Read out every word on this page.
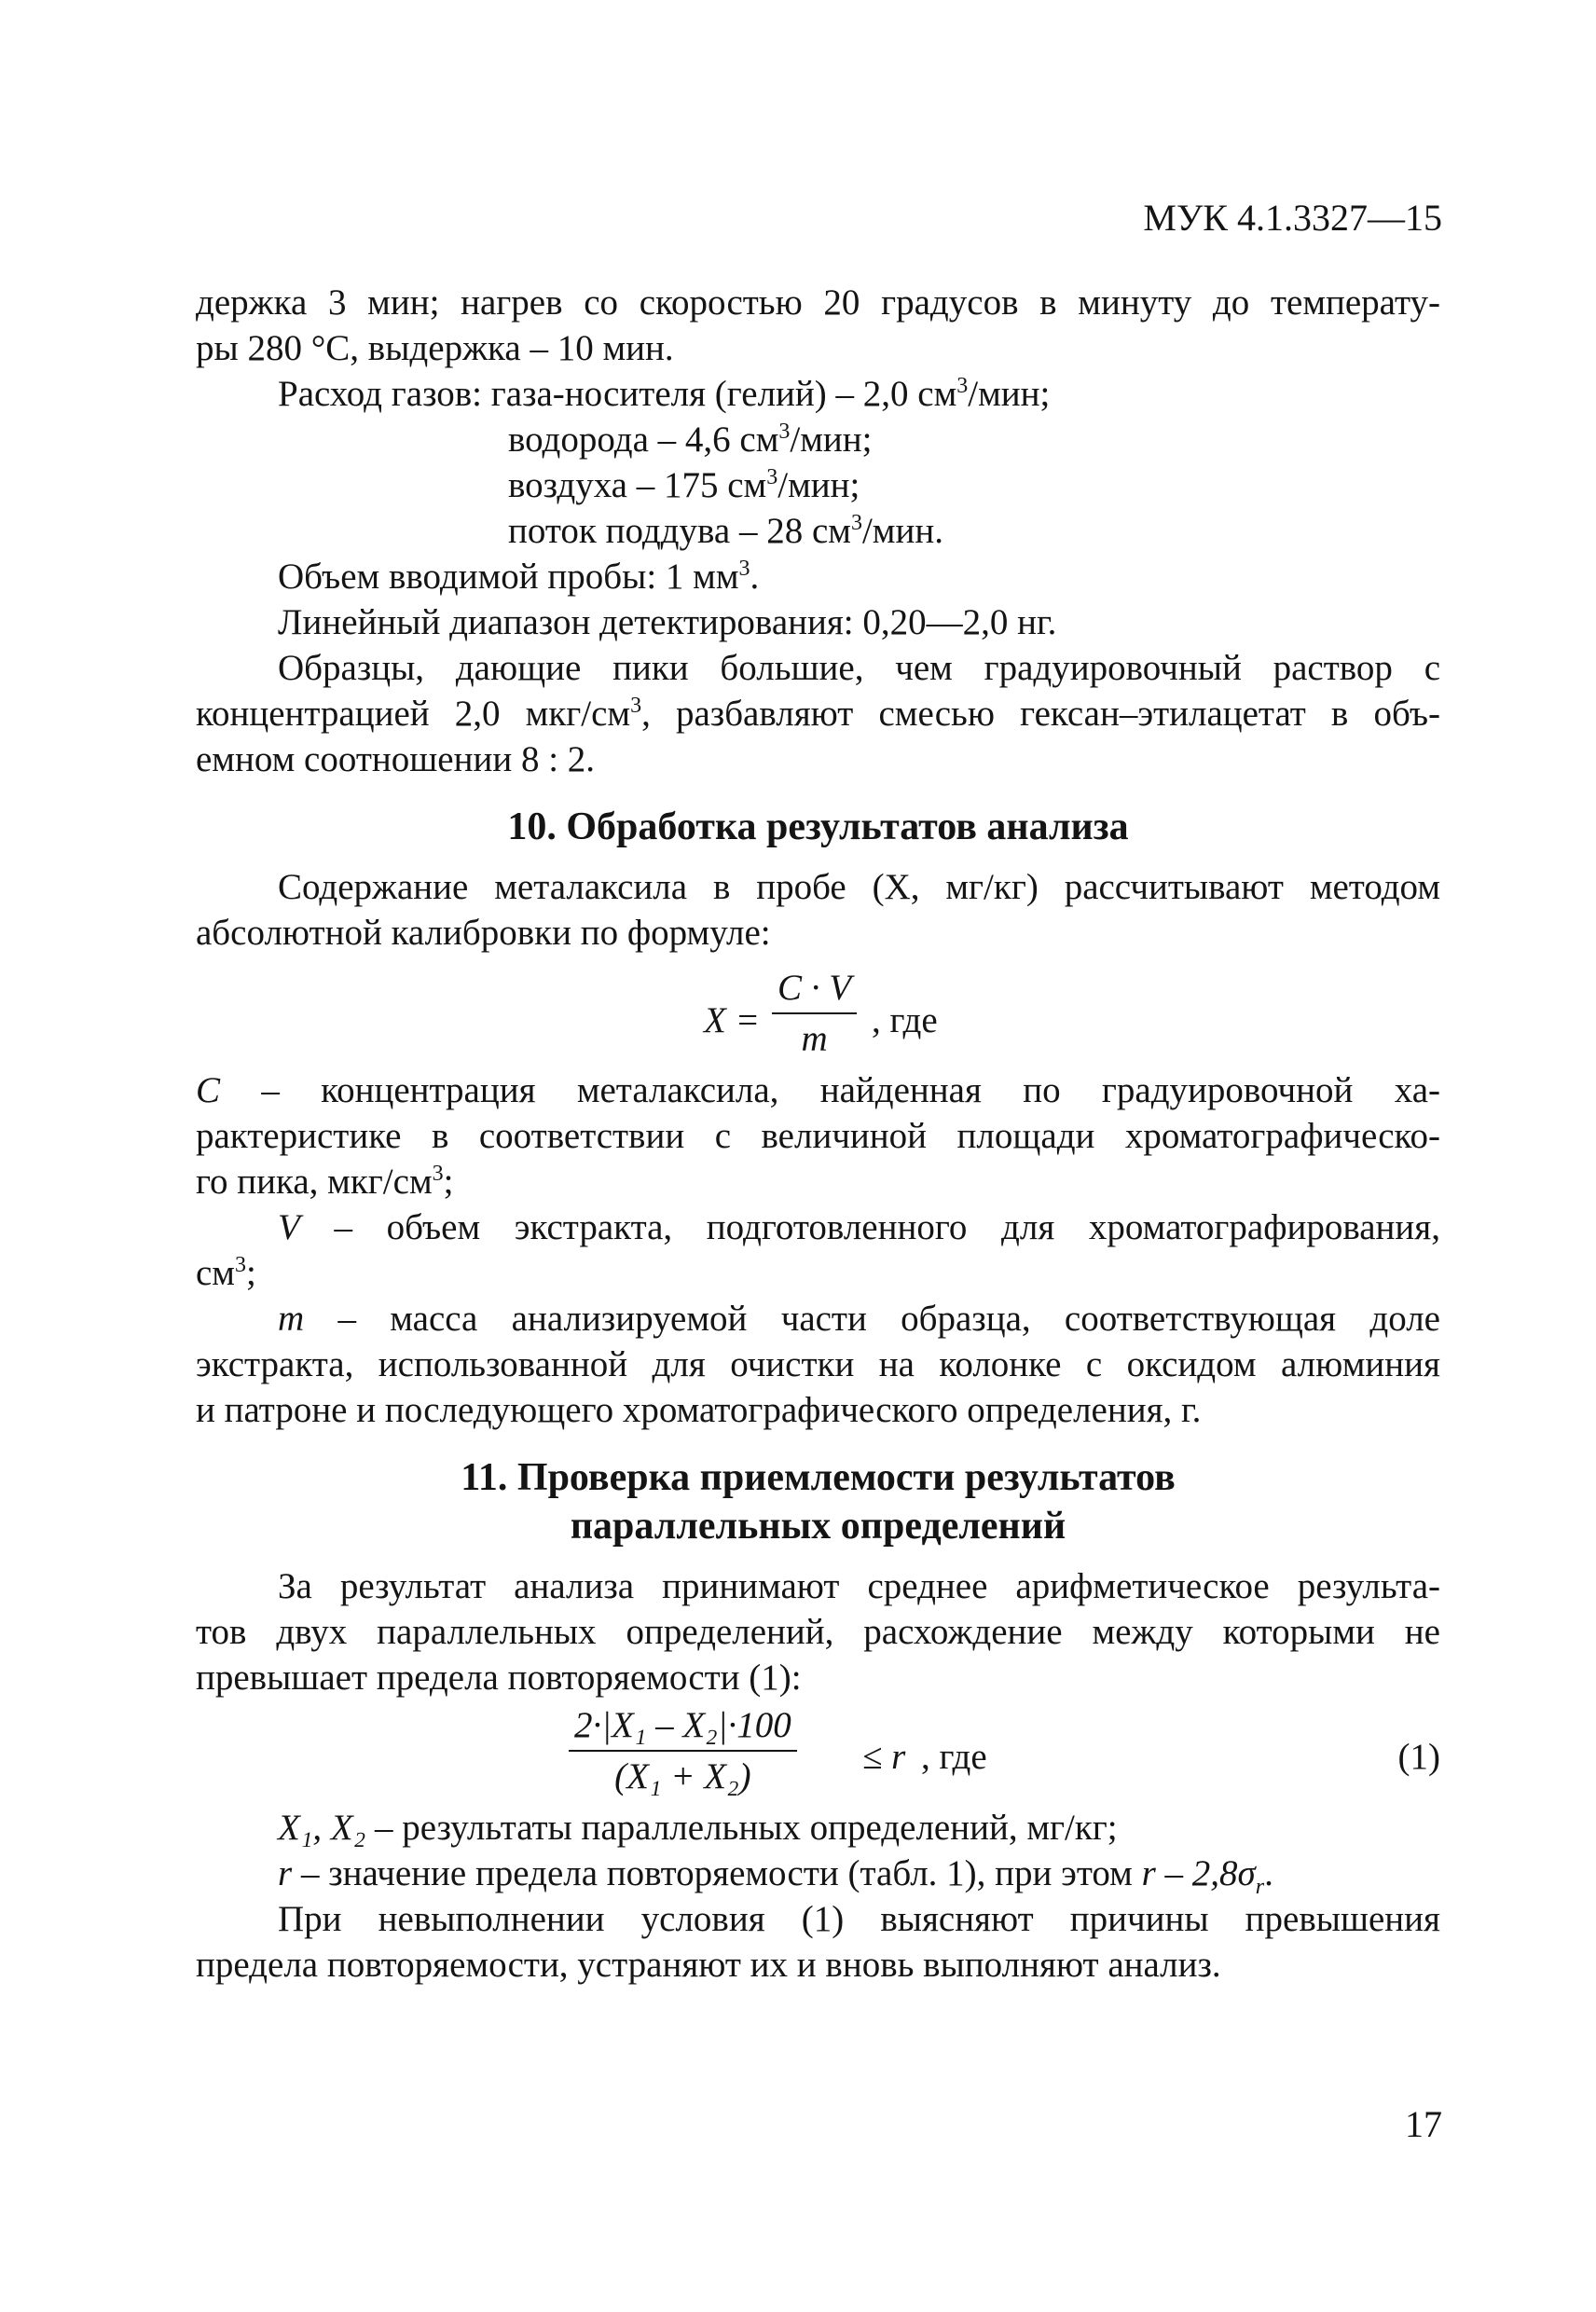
МУК 4.1.3327—15

держка 3 мин; нагрев со скоростью 20 градусов в минуту до температу-

ры 280 °С, выдержка – 10 мин.

Расход газов: газа-носителя (гелий) – 2,0 $см^3$/мин;

водорода – 4,6 $см^3$/мин;

воздуха – 175 $см^3$/мин;

поток поддува – 28 $см^3$/мин.

Объем вводимой пробы: 1 $мм^3$.

Линейный диапазон детектирования: 0,20—2,0 нг.

Образцы, дающие пики большие, чем градуировочный раствор с

концентрацией 2,0 мкг/$см^3$, разбавляют смесью гексан–этилацетат в объ-

емном соотношении 8 : 2.

10. Обработка результатов анализа

Содержание металаксила в пробе (X, мг/кг) рассчитывают методом

абсолютной калибровки по формуле:

$X = \frac{C \cdot V}{m}$ , где

C – концентрация металаксила, найденная по градуировочной ха-

рактеристике в соответствии с величиной площади хроматографическо-

го пика, мкг/$см^3$;

V – объем экстракта, подготовленного для хроматографирования,

$см^3$;

m – масса анализируемой части образца, соответствующая доле

экстракта, использованной для очистки на колонке с оксидом алюминия

и патроне и последующего хроматографического определения, г.

11. Проверка приемлемости результатов
параллельных определений

За результат анализа принимают среднее арифметическое результа-

тов двух параллельных определений, расхождение между которыми не

превышает предела повторяемости (1):

$\frac{\text{2·|X₁ – X₂|·100}}{\text{(X₁ + X₂)}} \le r$ , где	(1)

X₁, X₂ – результаты параллельных определений, мг/кг;

r – значение предела повторяемости (табл. 1), при этом r – $2,8\sigma_r$.

При невыполнении условия (1) выясняют причины превышения

предела повторяемости, устраняют их и вновь выполняют анализ.

17
